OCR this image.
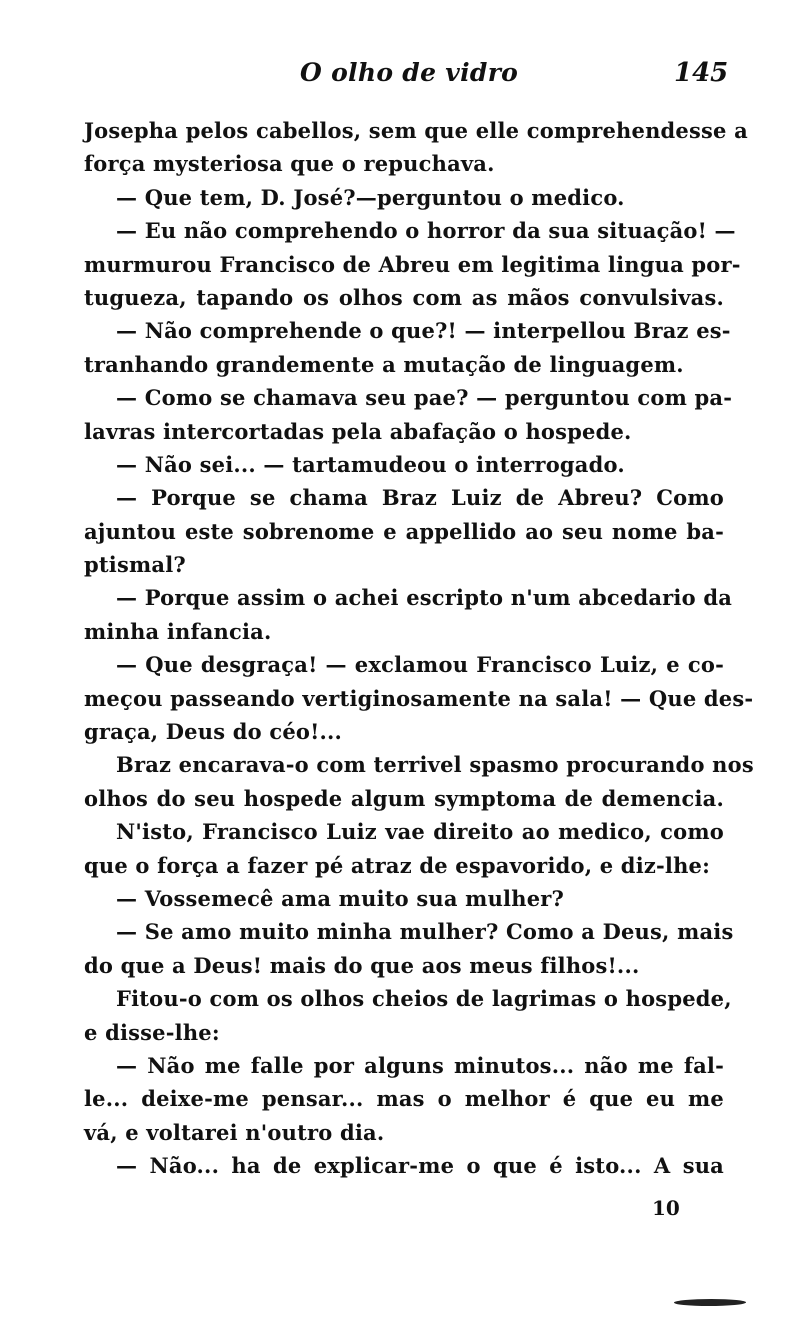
O olho de vidro	145
Josepha pelos cabellos, sem que elle comprehendesse a
força mysteriosa que o repuchava.
— Que tem, D. José?—perguntou o medico.
— Eu não comprehendo o horror da sua situação! —
murmurou Francisco de Abreu em legitima lingua por-
tugueza, tapando os olhos com as mãos convulsivas.
— Não comprehende o que?! — interpellou Braz es-
tranhando grandemente a mutação de linguagem.
— Como se chamava seu pae? — perguntou com pa-
lavras intercortadas pela abafação o hospede.
— Não sei... — tartamudeou o interrogado.
— Porque se chama Braz Luiz de Abreu? Como
ajuntou este sobrenome e appellido ao seu nome ba-
ptismal?
— Porque assim o achei escripto n'um abcedario da
minha infancia.
— Que desgraça! — exclamou Francisco Luiz, e co-
meçou passeando vertiginosamente na sala! — Que des-
graça, Deus do céo!...
Braz encarava-o com terrivel spasmo procurando nos
olhos do seu hospede algum symptoma de demencia.
N'isto, Francisco Luiz vae direito ao medico, como
que o força a fazer pé atraz de espavorido, e diz-lhe:
— Vossemecê ama muito sua mulher?
— Se amo muito minha mulher? Como a Deus, mais
do que a Deus! mais do que aos meus filhos!...
Fitou-o com os olhos cheios de lagrimas o hospede,
e disse-lhe:
— Não me falle por alguns minutos... não me fal-
le... deixe-me pensar... mas o melhor é que eu me
vá, e voltarei n'outro dia.
— Não... ha de explicar-me o que é isto... A sua
10
